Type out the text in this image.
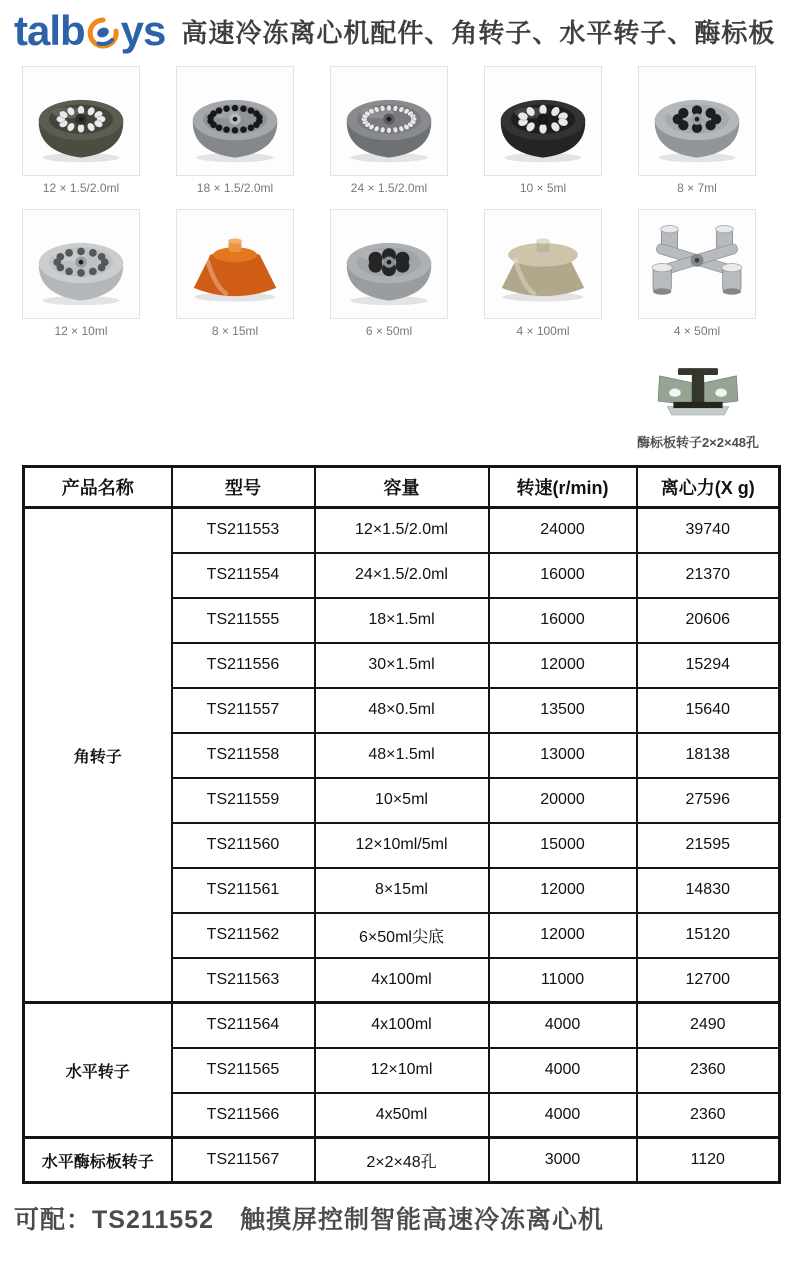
talb ys 高速冷冻离心机配件、角转子、水平转子、酶标板
12 × 1.5/2.0ml	18 × 1.5/2.0ml	24 × 1.5/2.0ml	10 × 5ml	8 × 7ml
12 × 10ml	8 × 15ml	6 × 50ml	4 × 100ml	4 × 50ml
酶标板转子2×2×48孔
产品名称	型号	容量	转速(r/min)	离心力(X g)
角转子	TS211553	12×1.5/2.0ml	24000	39740
	TS211554	24×1.5/2.0ml	16000	21370
	TS211555	18×1.5ml	16000	20606
	TS211556	30×1.5ml	12000	15294
	TS211557	48×0.5ml	13500	15640
	TS211558	48×1.5ml	13000	18138
	TS211559	10×5ml	20000	27596
	TS211560	12×10ml/5ml	15000	21595
	TS211561	8×15ml	12000	14830
	TS211562	6×50ml尖底	12000	15120
	TS211563	4x100ml	11000	12700
水平转子	TS211564	4x100ml	4000	2490
	TS211565	12×10ml	4000	2360
	TS211566	4x50ml	4000	2360
水平酶标板转子	TS211567	2×2×48孔	3000	1120

可配：TS211552　触摸屏控制智能高速冷冻离心机
